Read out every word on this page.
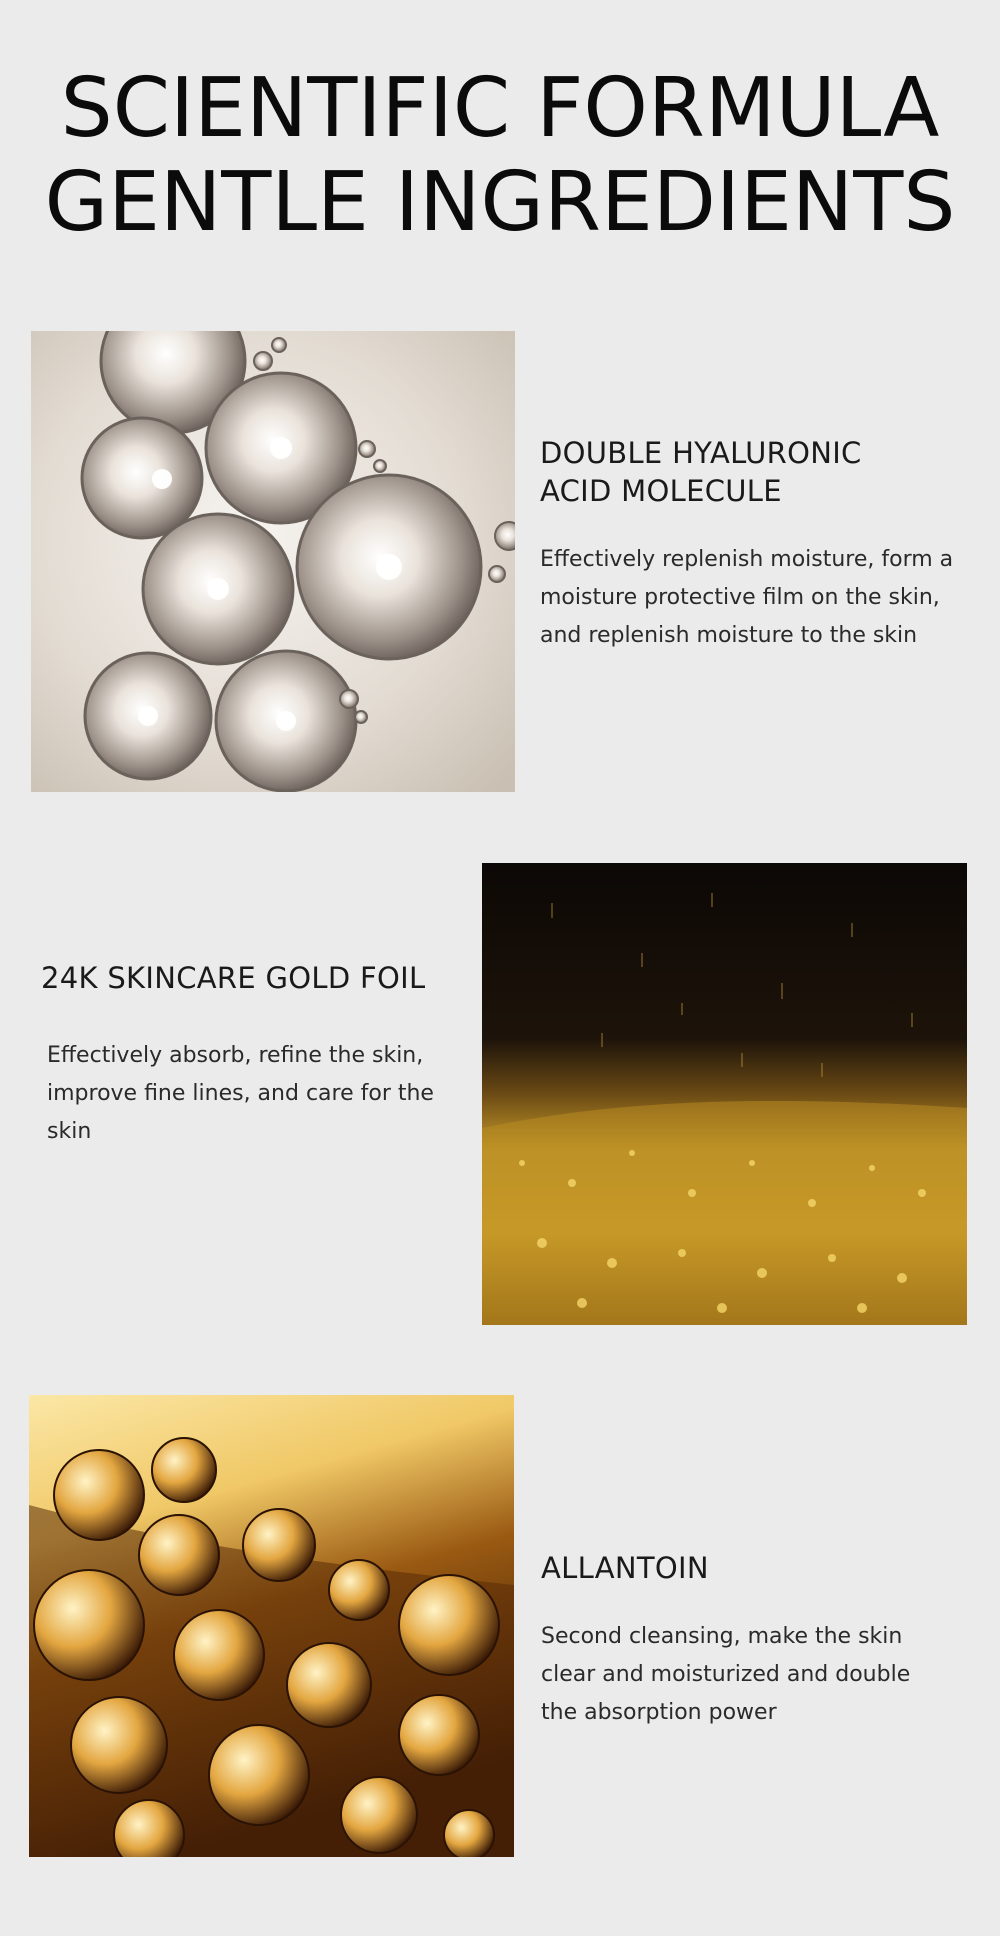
SCIENTIFIC FORMULA
GENTLE INGREDIENTS
DOUBLE HYALURONIC
ACID MOLECULE

Effectively replenish moisture, form a moisture protective film on the skin, and replenish moisture to the skin

24K SKINCARE GOLD FOIL

Effectively absorb, refine the skin, improve fine lines, and care for the skin

ALLANTOIN

Second cleansing, make the skin clear and moisturized and double the absorption power
